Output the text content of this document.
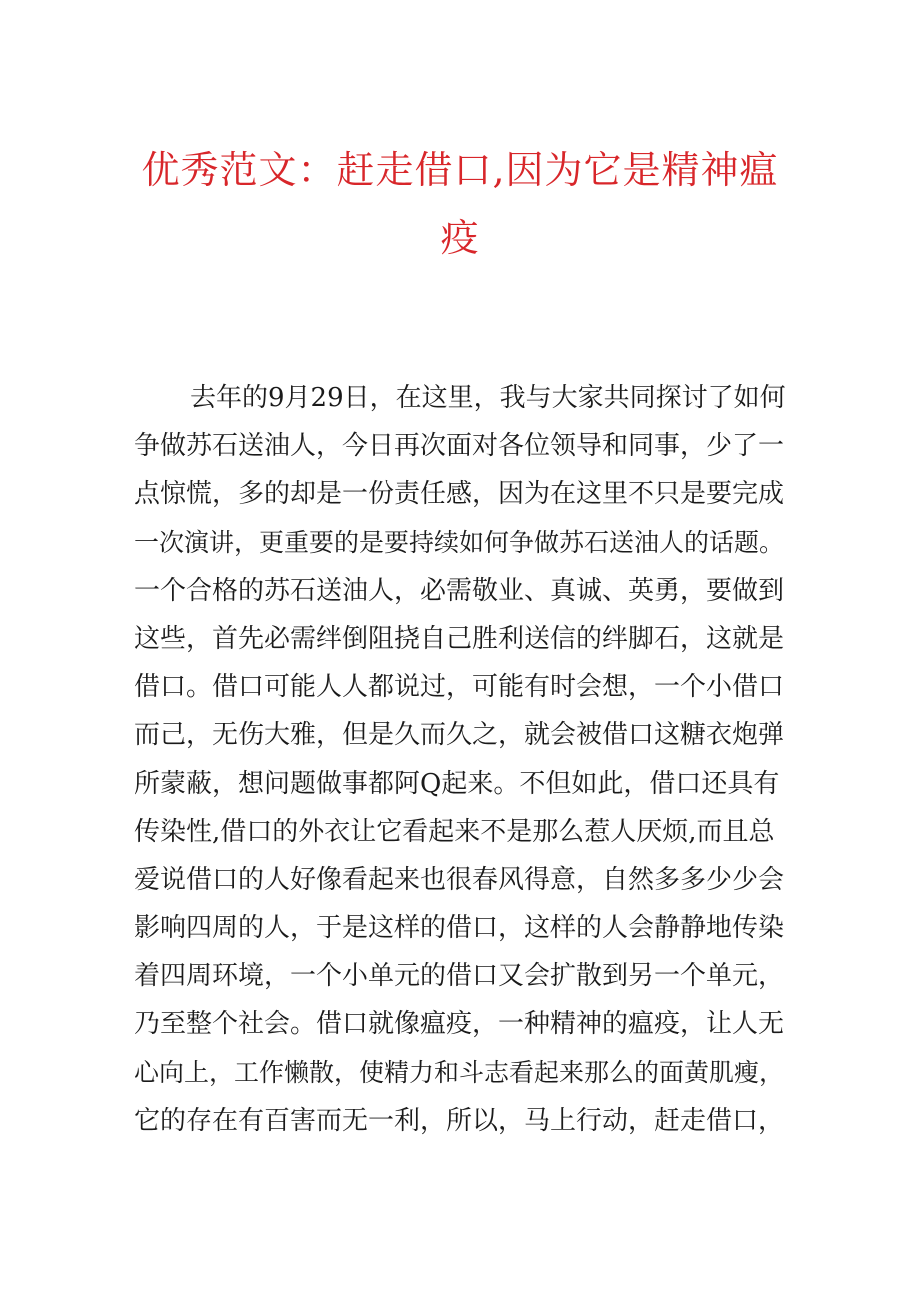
优秀范文：赶走借口,因为它是精神瘟疫
去年的9月29日，在这里，我与大家共同探讨了如何
争做苏石送油人，今日再次面对各位领导和同事，少了一
点惊慌，多的却是一份责任感，因为在这里不只是要完成
一次演讲，更重要的是要持续如何争做苏石送油人的话题。
一个合格的苏石送油人，必需敬业、真诚、英勇，要做到
这些，首先必需绊倒阻挠自己胜利送信的绊脚石，这就是
借口。借口可能人人都说过，可能有时会想，一个小借口
而己，无伤大雅，但是久而久之，就会被借口这糖衣炮弹
所蒙蔽，想问题做事都阿Q起来。不但如此，借口还具有
传染性,借口的外衣让它看起来不是那么惹人厌烦,而且总
爱说借口的人好像看起来也很春风得意，自然多多少少会
影响四周的人，于是这样的借口，这样的人会静静地传染
着四周环境，一个小单元的借口又会扩散到另一个单元，
乃至整个社会。借口就像瘟疫，一种精神的瘟疫，让人无
心向上，工作懒散，使精力和斗志看起来那么的面黄肌瘦，
它的存在有百害而无一利，所以，马上行动，赶走借口，
